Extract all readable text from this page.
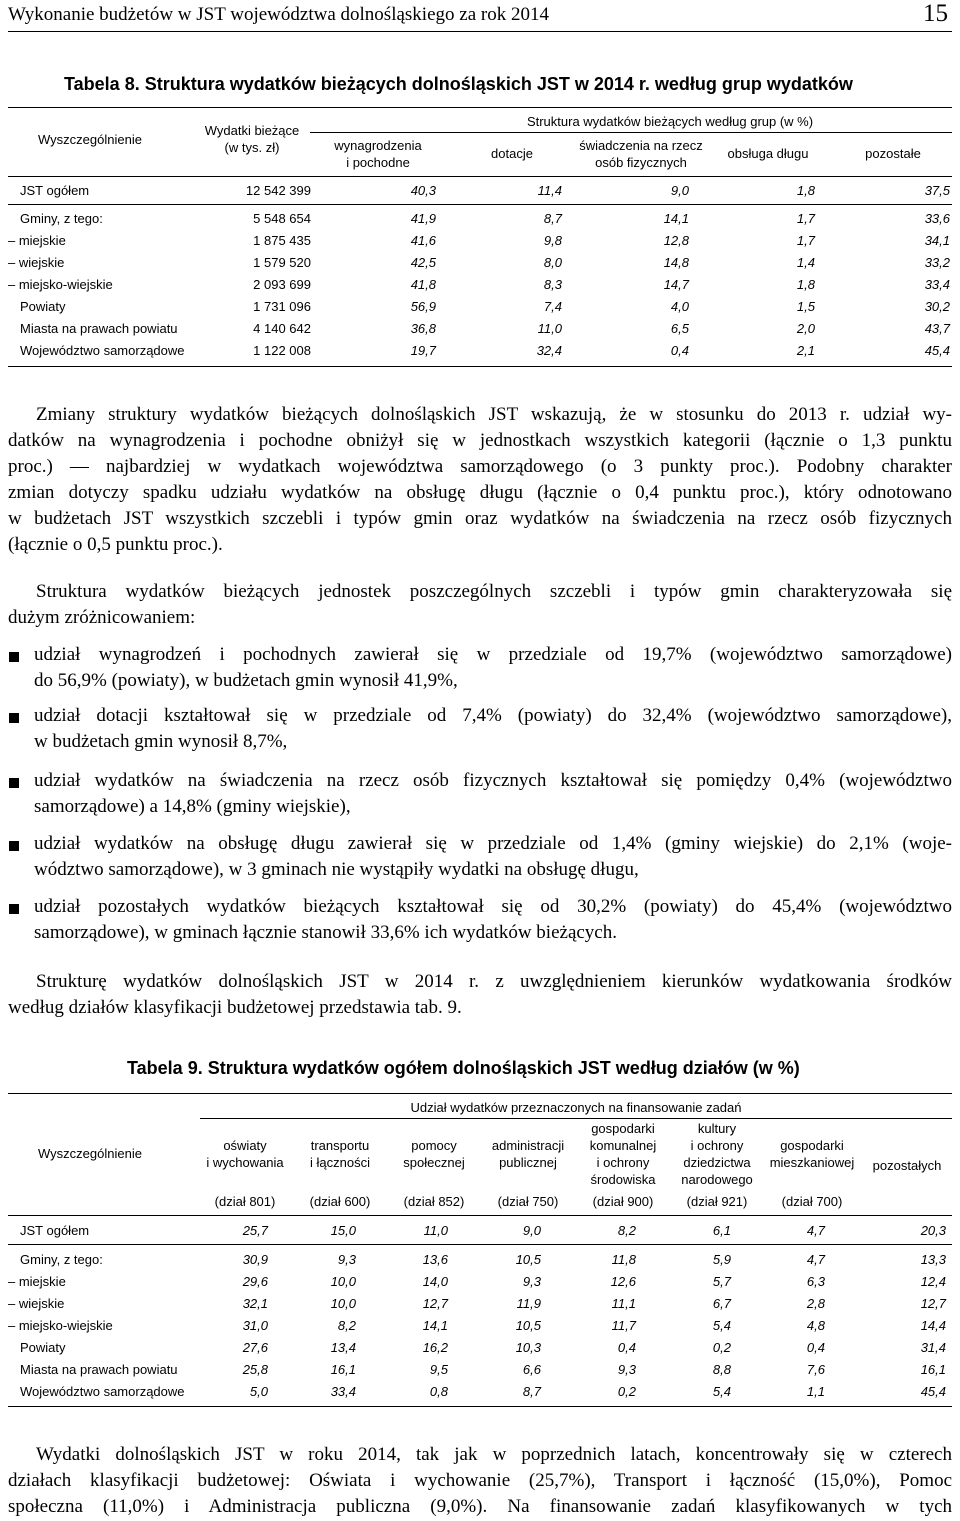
Wykonanie budżetów w JST województwa dolnośląskiego za rok 2014	15
Tabela 8. Struktura wydatków bieżących dolnośląskich JST w 2014 r. według grup wydatków
Wyszczególnienie
Wydatki bieżące
(w tys. zł)
Struktura wydatków bieżących według grup (w %)
wynagrodzenia
i pochodne
dotacje
świadczenia na rzecz
osób fizycznych
obsługa długu	pozostałe
JST ogółem	12 542 399	40,3	11,4	9,0	1,8	37,5
Gminy, z tego:	5 548 654	41,9	8,7	14,1	1,7	33,6
– miejskie	1 875 435	41,6	9,8	12,8	1,7	34,1
– wiejskie	1 579 520	42,5	8,0	14,8	1,4	33,2
– miejsko-wiejskie	2 093 699	41,8	8,3	14,7	1,8	33,4
Powiaty	1 731 096	56,9	7,4	4,0	1,5	30,2
Miasta na prawach powiatu	4 140 642	36,8	11,0	6,5	2,0	43,7
Województwo samorządowe	1 122 008	19,7	32,4	0,4	2,1	45,4
Zmiany struktury wydatków bieżących dolnośląskich JST wskazują, że w stosunku do 2013 r. udział wy-
datków na wynagrodzenia i pochodne obniżył się w jednostkach wszystkich kategorii (łącznie o 1,3 punktu
proc.) — najbardziej w wydatkach województwa samorządowego (o 3 punkty proc.). Podobny charakter
zmian dotyczy spadku udziału wydatków na obsługę długu (łącznie o 0,4 punktu proc.), który odnotowano
w budżetach JST wszystkich szczebli i typów gmin oraz wydatków na świadczenia na rzecz osób fizycznych
(łącznie o 0,5 punktu proc.).
Struktura wydatków bieżących jednostek poszczególnych szczebli i typów gmin charakteryzowała się
dużym zróżnicowaniem:
udział wynagrodzeń i pochodnych zawierał się w przedziale od 19,7% (województwo samorządowe)
do 56,9% (powiaty), w budżetach gmin wynosił 41,9%,
udział dotacji kształtował się w przedziale od 7,4% (powiaty) do 32,4% (województwo samorządowe),
w budżetach gmin wynosił 8,7%,
udział wydatków na świadczenia na rzecz osób fizycznych kształtował się pomiędzy 0,4% (województwo
samorządowe) a 14,8% (gminy wiejskie),
udział wydatków na obsługę długu zawierał się w przedziale od 1,4% (gminy wiejskie) do 2,1% (woje-
wództwo samorządowe), w 3 gminach nie wystąpiły wydatki na obsługę długu,
udział pozostałych wydatków bieżących kształtował się od 30,2% (powiaty) do 45,4% (województwo
samorządowe), w gminach łącznie stanowił 33,6% ich wydatków bieżących.
Strukturę wydatków dolnośląskich JST w 2014 r. z uwzględnieniem kierunków wydatkowania środków
według działów klasyfikacji budżetowej przedstawia tab. 9.
Tabela 9. Struktura wydatków ogółem dolnośląskich JST według działów (w %)
Wyszczególnienie
Udział wydatków przeznaczonych na finansowanie zadań
oświaty
i wychowania
(dział 801)
transportu
i łączności
(dział 600)
pomocy
społecznej
(dział 852)
administracji
publicznej
(dział 750)
gospodarki
komunalnej
i ochrony
środowiska
(dział 900)
kultury
i ochrony
dziedzictwa
narodowego
(dział 921)
gospodarki
mieszkaniowej
(dział 700)
pozostałych
JST ogółem	25,7	15,0	11,0	9,0	8,2	6,1	4,7	20,3
Gminy, z tego:	30,9	9,3	13,6	10,5	11,8	5,9	4,7	13,3
– miejskie	29,6	10,0	14,0	9,3	12,6	5,7	6,3	12,4
– wiejskie	32,1	10,0	12,7	11,9	11,1	6,7	2,8	12,7
– miejsko-wiejskie	31,0	8,2	14,1	10,5	11,7	5,4	4,8	14,4
Powiaty	27,6	13,4	16,2	10,3	0,4	0,2	0,4	31,4
Miasta na prawach powiatu	25,8	16,1	9,5	6,6	9,3	8,8	7,6	16,1
Województwo samorządowe	5,0	33,4	0,8	8,7	0,2	5,4	1,1	45,4
Wydatki dolnośląskich JST w roku 2014, tak jak w poprzednich latach, koncentrowały się w czterech
działach klasyfikacji budżetowej: Oświata i wychowanie (25,7%), Transport i łączność (15,0%), Pomoc
społeczna (11,0%) i Administracja publiczna (9,0%). Na finansowanie zadań klasyfikowanych w tych
